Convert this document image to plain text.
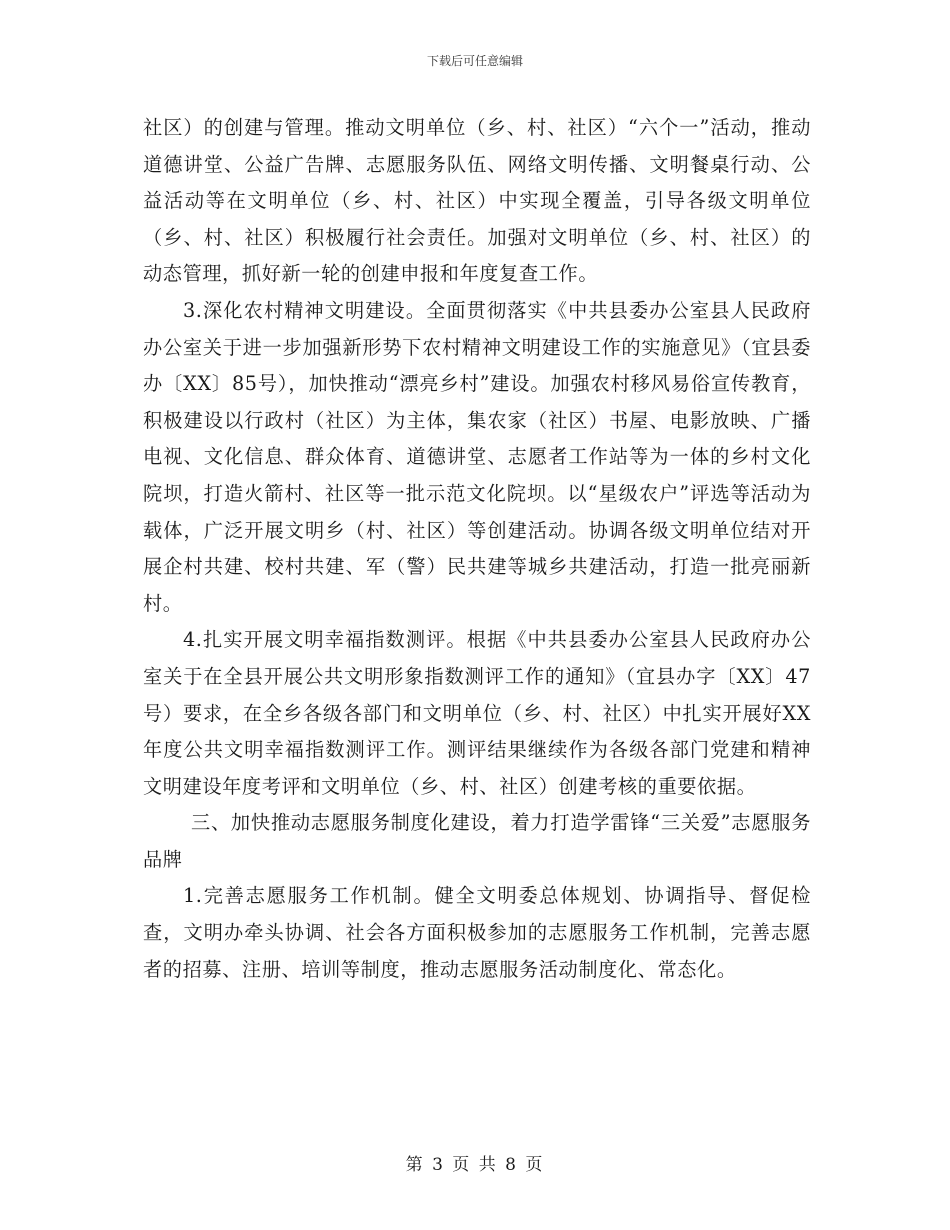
下载后可任意编辑

社区）的创建与管理。推动文明单位（乡、村、社区）“六个一”活动，推动道德讲堂、公益广告牌、志愿服务队伍、网络文明传播、文明餐桌行动、公益活动等在文明单位（乡、村、社区）中实现全覆盖，引导各级文明单位（乡、村、社区）积极履行社会责任。加强对文明单位（乡、村、社区）的动态管理，抓好新一轮的创建申报和年度复查工作。

3.深化农村精神文明建设。全面贯彻落实《中共县委办公室县人民政府办公室关于进一步加强新形势下农村精神文明建设工作的实施意见》（宜县委办〔XX〕85号），加快推动“漂亮乡村”建设。加强农村移风易俗宣传教育，积极建设以行政村（社区）为主体，集农家（社区）书屋、电影放映、广播电视、文化信息、群众体育、道德讲堂、志愿者工作站等为一体的乡村文化院坝，打造火箭村、社区等一批示范文化院坝。以“星级农户”评选等活动为载体，广泛开展文明乡（村、社区）等创建活动。协调各级文明单位结对开展企村共建、校村共建、军（警）民共建等城乡共建活动，打造一批亮丽新村。

4.扎实开展文明幸福指数测评。根据《中共县委办公室县人民政府办公室关于在全县开展公共文明形象指数测评工作的通知》（宜县办字〔XX〕47号）要求，在全乡各级各部门和文明单位（乡、村、社区）中扎实开展好XX年度公共文明幸福指数测评工作。测评结果继续作为各级各部门党建和精神文明建设年度考评和文明单位（乡、村、社区）创建考核的重要依据。

三、加快推动志愿服务制度化建设，着力打造学雷锋“三关爱”志愿服务品牌

1.完善志愿服务工作机制。健全文明委总体规划、协调指导、督促检查，文明办牵头协调、社会各方面积极参加的志愿服务工作机制，完善志愿者的招募、注册、培训等制度，推动志愿服务活动制度化、常态化。

第 3 页 共 8 页
